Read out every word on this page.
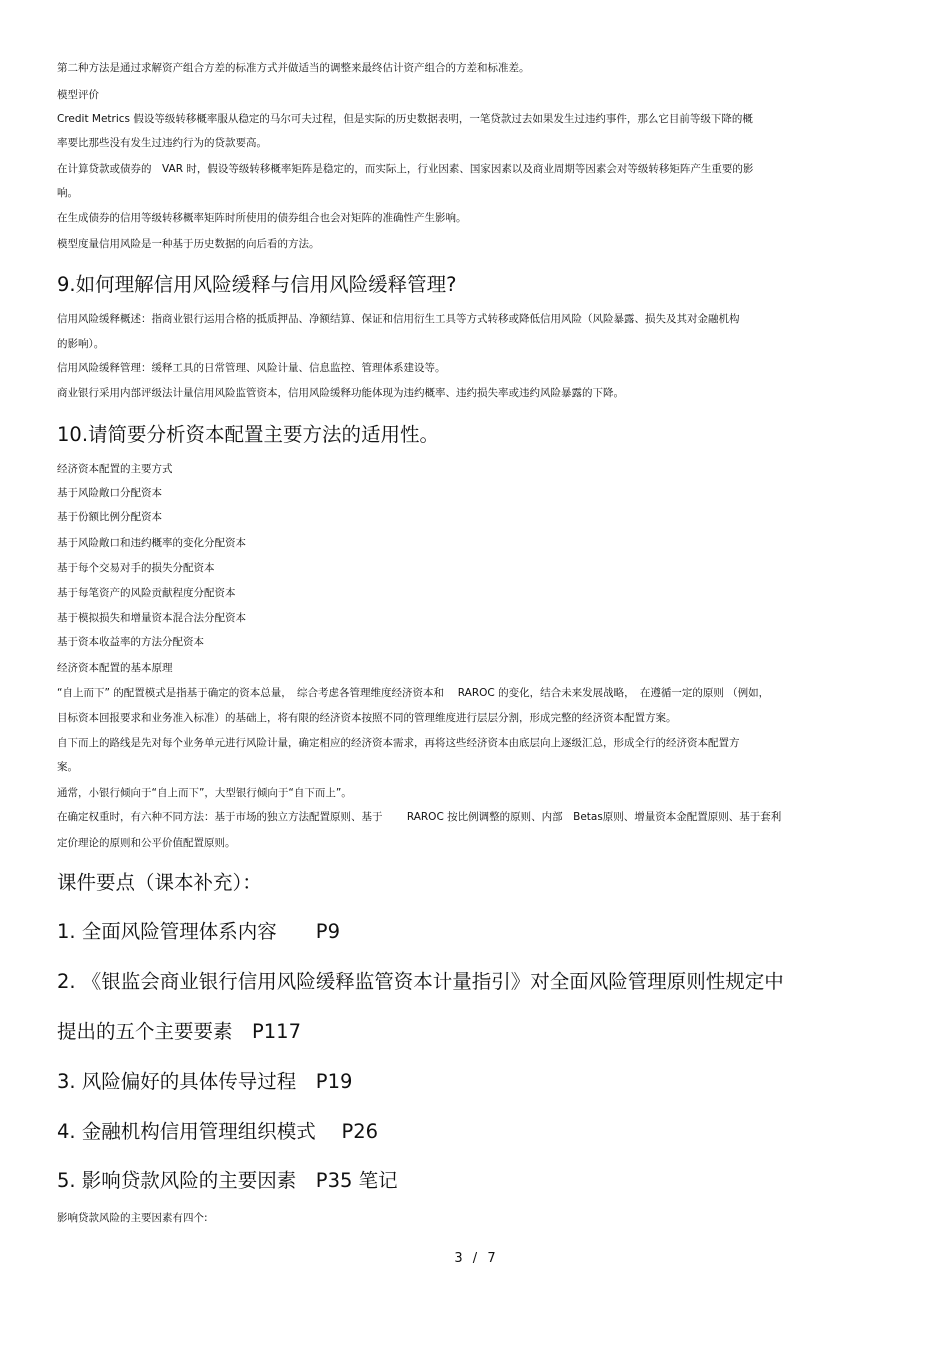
第二种方法是通过求解资产组合方差的标准方式并做适当的调整来最终估计资产组合的方差和标准差。
模型评价
Credit Metrics 假设等级转移概率服从稳定的马尔可夫过程，但是实际的历史数据表明，一笔贷款过去如果发生过违约事件，那么它目前等级下降的概
率要比那些没有发生过违约行为的贷款要高。
在计算贷款或债券的　VAR 时，假设等级转移概率矩阵是稳定的，而实际上，行业因素、国家因素以及商业周期等因素会对等级转移矩阵产生重要的影
响。
在生成债券的信用等级转移概率矩阵时所使用的债券组合也会对矩阵的准确性产生影响。
模型度量信用风险是一种基于历史数据的向后看的方法。
9.如何理解信用风险缓释与信用风险缓释管理?
信用风险缓释概述：指商业银行运用合格的抵质押品、净额结算、保证和信用衍生工具等方式转移或降低信用风险（风险暴露、损失及其对金融机构
的影响）。
信用风险缓释管理：缓释工具的日常管理、风险计量、信息监控、管理体系建设等。
商业银行采用内部评级法计量信用风险监管资本，信用风险缓释功能体现为违约概率、违约损失率或违约风险暴露的下降。
10.请简要分析资本配置主要方法的适用性。
经济资本配置的主要方式
基于风险敞口分配资本
基于份额比例分配资本
基于风险敞口和违约概率的变化分配资本
基于每个交易对手的损失分配资本
基于每笔资产的风险贡献程度分配资本
基于模拟损失和增量资本混合法分配资本
基于资本收益率的方法分配资本
经济资本配置的基本原理
“自上而下” 的配置模式是指基于确定的资本总量，　综合考虑各管理维度经济资本和　 RAROC 的变化，结合未来发展战略，　在遵循一定的原则 （例如，
目标资本回报要求和业务准入标准）的基础上，将有限的经济资本按照不同的管理维度进行层层分割，形成完整的经济资本配置方案。
自下而上的路线是先对每个业务单元进行风险计量，确定相应的经济资本需求，再将这些经济资本由底层向上逐级汇总，形成全行的经济资本配置方
案。
通常，小银行倾向于“自上而下”，大型银行倾向于“自下而上”。
在确定权重时，有六种不同方法：基于市场的独立方法配置原则、基于　　 RAROC 按比例调整的原则、内部　Betas原则、增量资本金配置原则、基于套利
定价理论的原则和公平价值配置原则。
课件要点（课本补充）：
1. 全面风险管理体系内容　　P9
2. 《银监会商业银行信用风险缓释监管资本计量指引》对全面风险管理原则性规定中
提出的五个主要要素　P117
3. 风险偏好的具体传导过程　P19
4. 金融机构信用管理组织模式　 P26
5. 影响贷款风险的主要因素　P35 笔记
影响贷款风险的主要因素有四个:
3 / 7
